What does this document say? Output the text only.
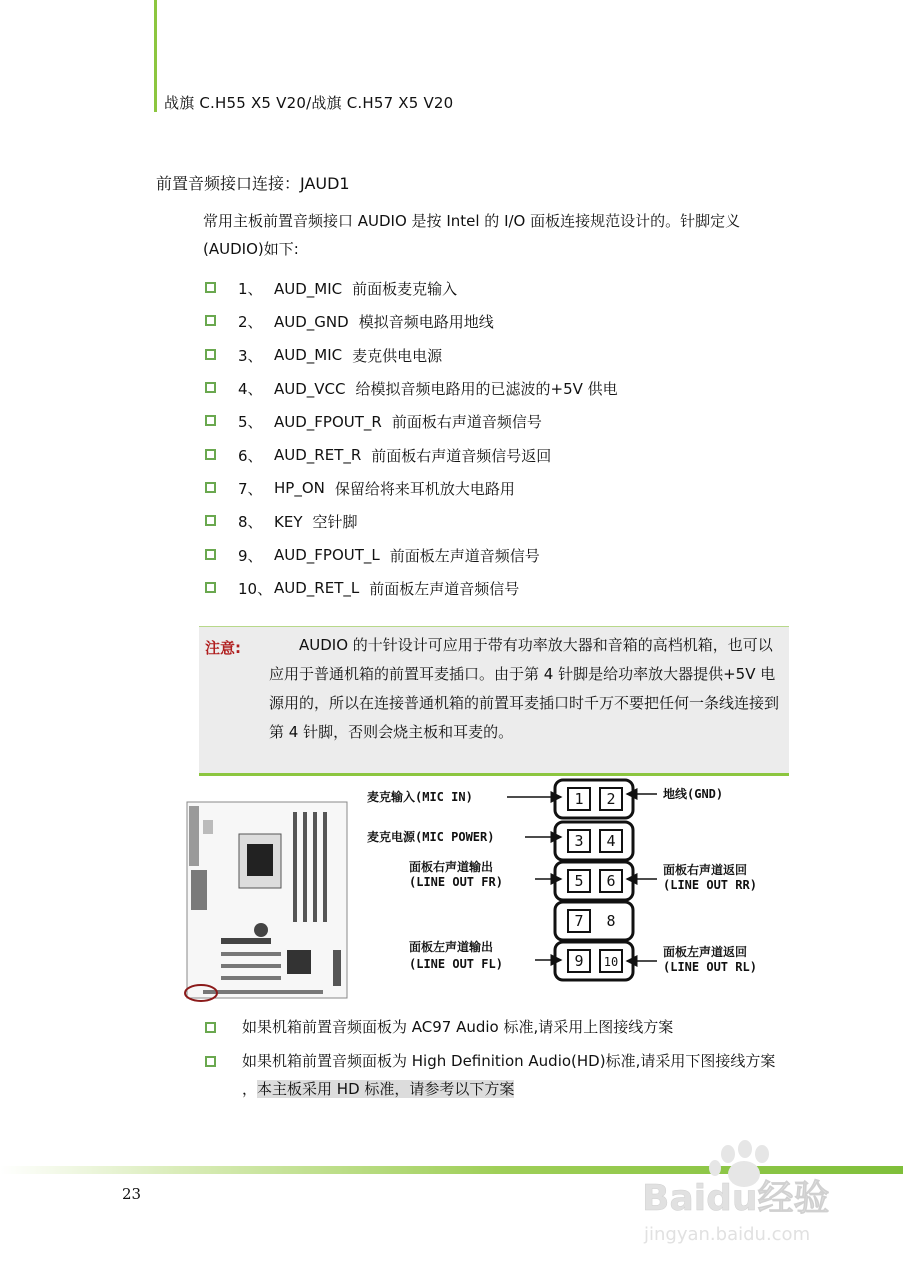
战旗 C.H55 X5 V20/战旗 C.H57 X5 V20
前置音频接口连接：JAUD1
常用主板前置音频接口 AUDIO 是按 Intel 的 I/O 面板连接规范设计的。针脚定义(AUDIO)如下:
1、 AUD_MIC 前面板麦克输入
2、 AUD_GND 模拟音频电路用地线
3、 AUD_MIC 麦克供电电源
4、 AUD_VCC 给模拟音频电路用的已滤波的+5V 供电
5、 AUD_FPOUT_R 前面板右声道音频信号
6、 AUD_RET_R 前面板右声道音频信号返回
7、 HP_ON 保留给将来耳机放大电路用
8、 KEY 空针脚
9、 AUD_FPOUT_L 前面板左声道音频信号
10、 AUD_RET_L 前面板左声道音频信号
注意:	AUDIO 的十针设计可应用于带有功率放大器和音箱的高档机箱，也可以应用于普通机箱的前置耳麦插口。由于第 4 针脚是给功率放大器提供+5V 电源用的，所以在连接普通机箱的前置耳麦插口时千万不要把任何一条线连接到第 4 针脚，否则会烧主板和耳麦的。
1 2
3 4
5 6
7 8
9 10
麦克输入(MIC IN)
麦克电源(MIC POWER)
面板右声道输出
(LINE OUT FR)
面板左声道输出
(LINE OUT FL)
地线(GND)
面板右声道返回
(LINE OUT RR)
面板左声道返回
(LINE OUT RL)
如果机箱前置音频面板为 AC97 Audio 标准,请采用上图接线方案
如果机箱前置音频面板为 High Definition Audio(HD)标准,请采用下图接线方案 ，本主板采用 HD 标准，请参考以下方案
23	Baidu经验
jingyan.baidu.com
